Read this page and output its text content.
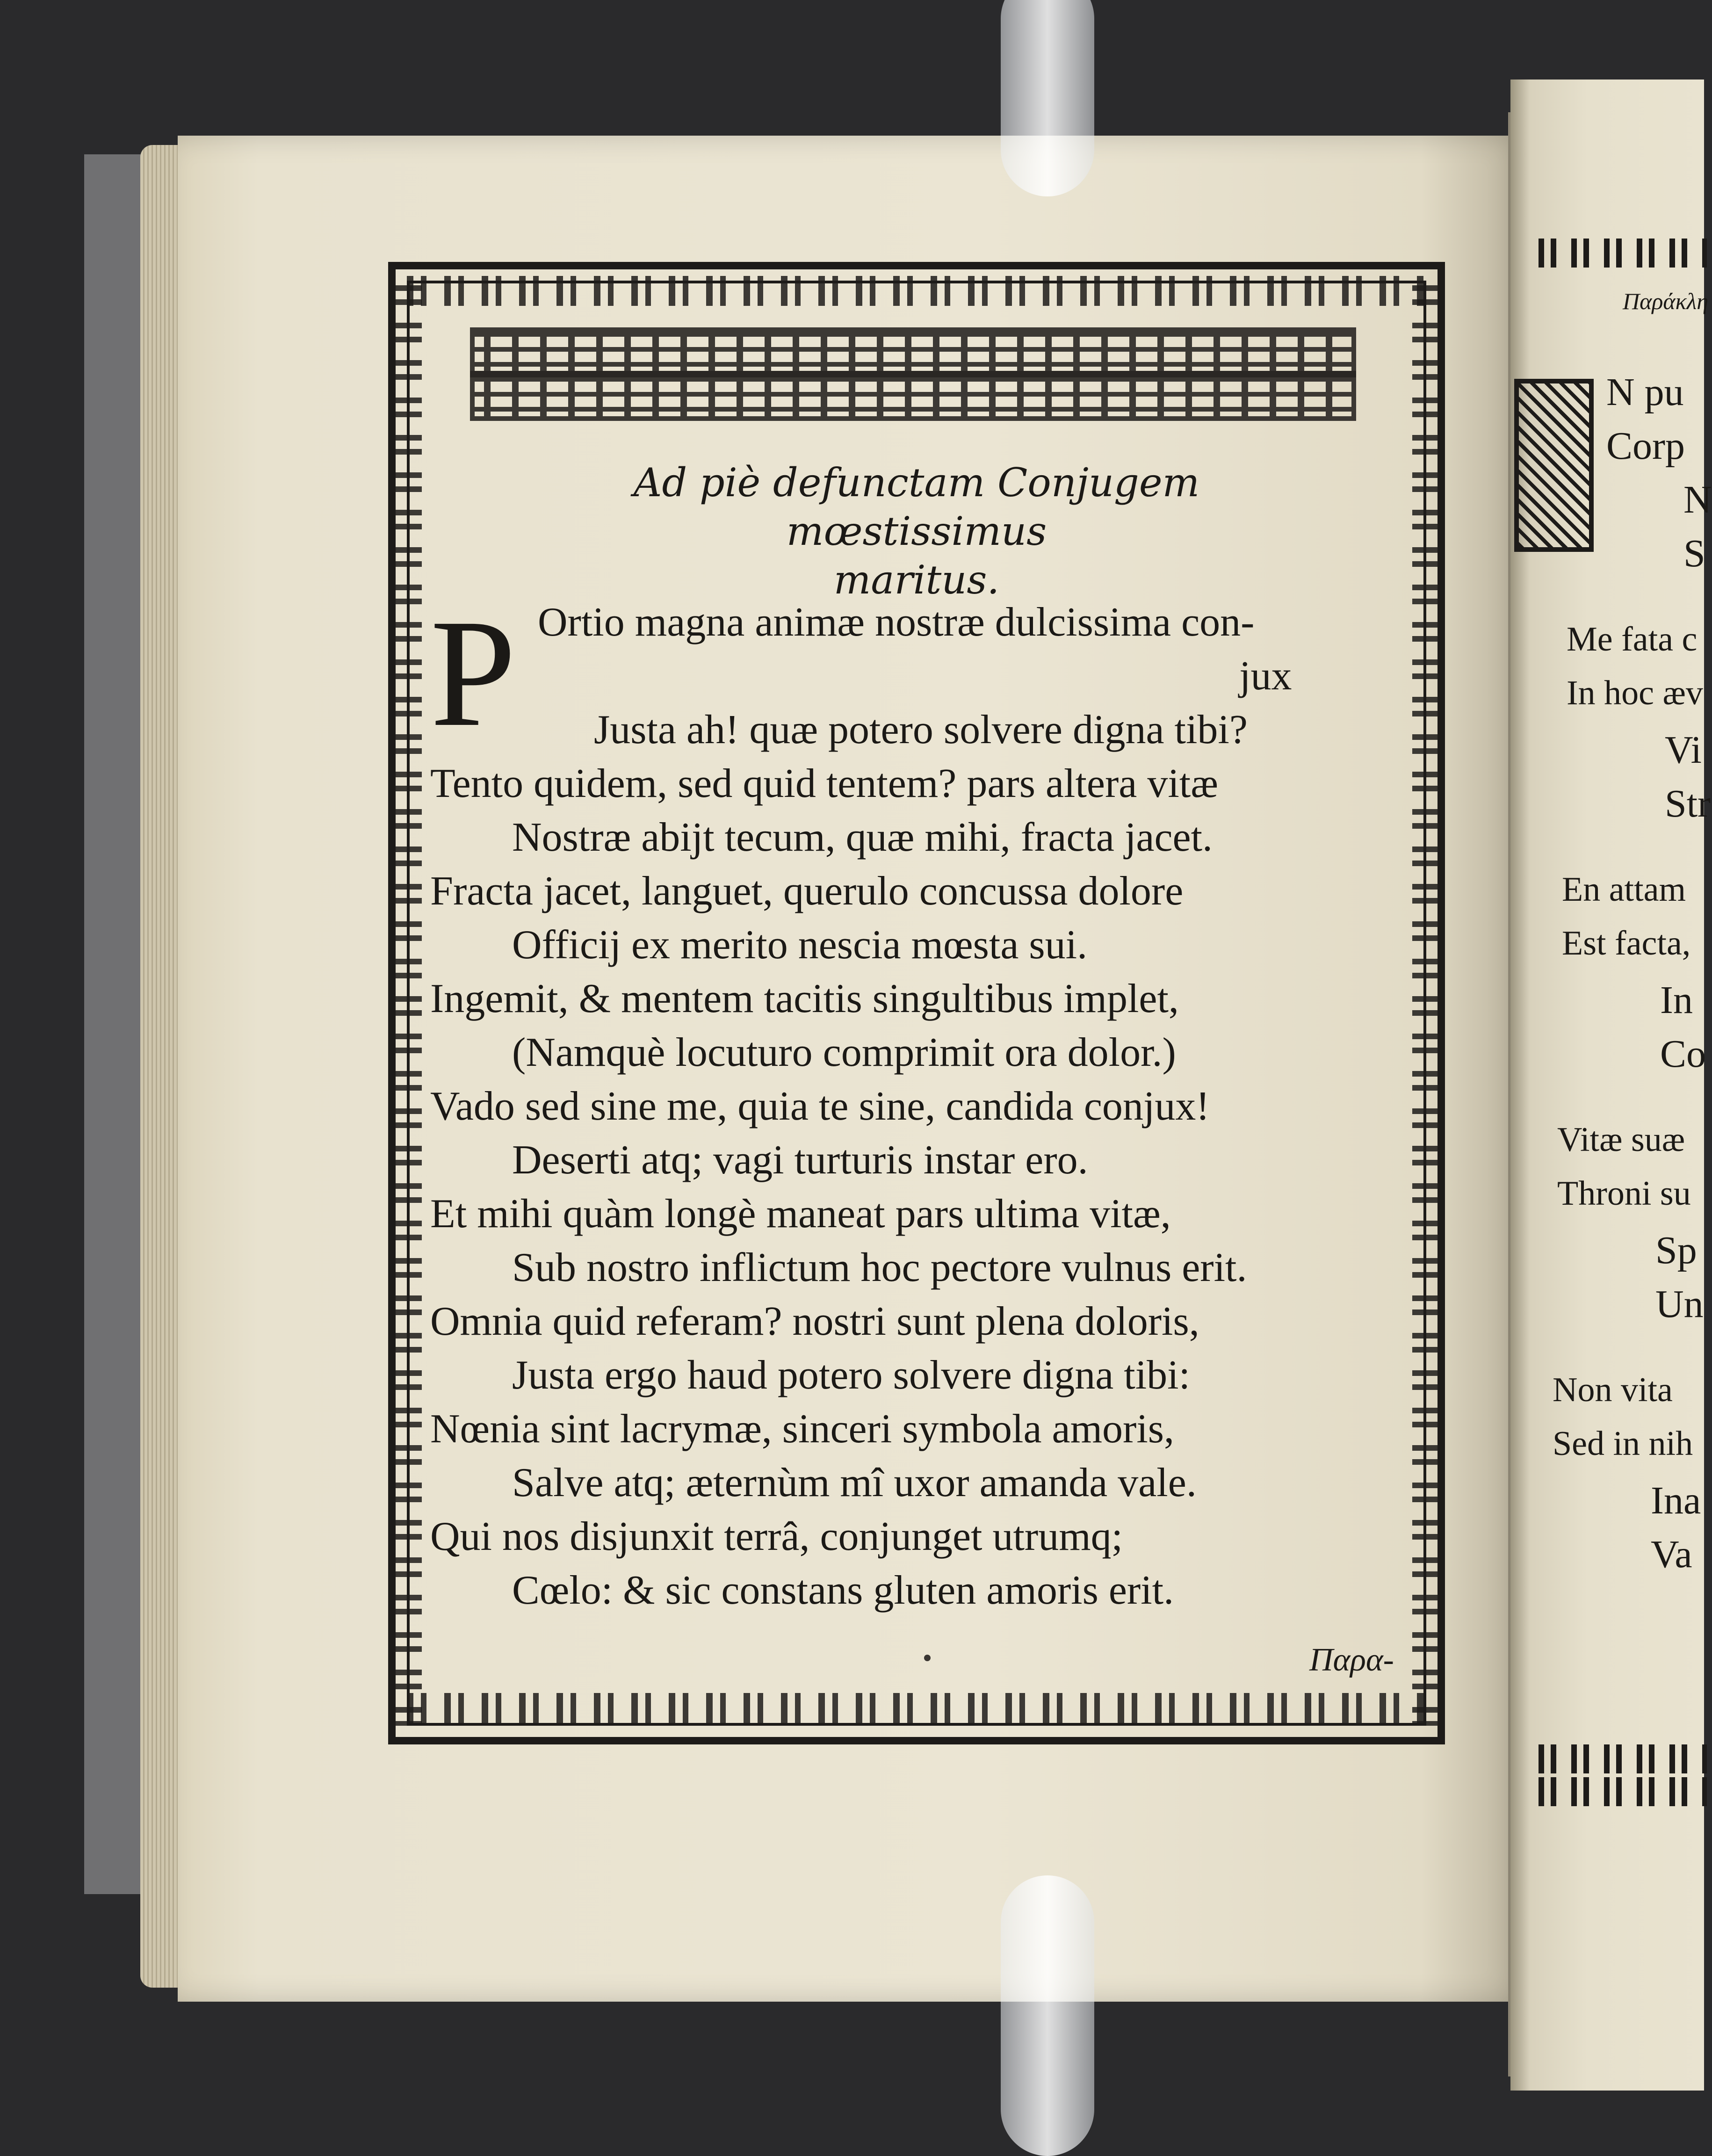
Ad piè defunctam Conjugem mœstissimus
maritus.
P Ortio magna animæ nostræ dulcissima con-
jux
Justa ah! quæ potero solvere digna tibi?
Tento quidem, sed quid tentem? pars altera vitæ
Nostræ abijt tecum, quæ mihi, fracta jacet.
Fracta jacet, languet, querulo concussa dolore
Officij ex merito nescia mœsta sui.
Ingemit, & mentem tacitis singultibus implet,
(Namquè locuturo comprimit ora dolor.)
Vado sed sine me, quia te sine, candida conjux!
Deserti atq; vagi turturis instar ero.
Et mihi quàm longè maneat pars ultima vitæ,
Sub nostro inflictum hoc pectore vulnus erit.
Omnia quid referam? nostri sunt plena doloris,
Justa ergo haud potero solvere digna tibi:
Nœnia sint lacrymæ, sinceri symbola amoris,
Salve atq; æternùm mî uxor amanda vale.
Qui nos disjunxit terrâ, conjunget utrumq;
Cœlo: & sic constans gluten amoris erit.
Παρα-
Παράκλη
N pu
Corp
N
S
Me fata c
In hoc æv
Vi
Str
En attam
Est facta,
In
Co
Vitæ suæ
Throni su
Sp
Un
Non vita
Sed in nih
Ina
Va
